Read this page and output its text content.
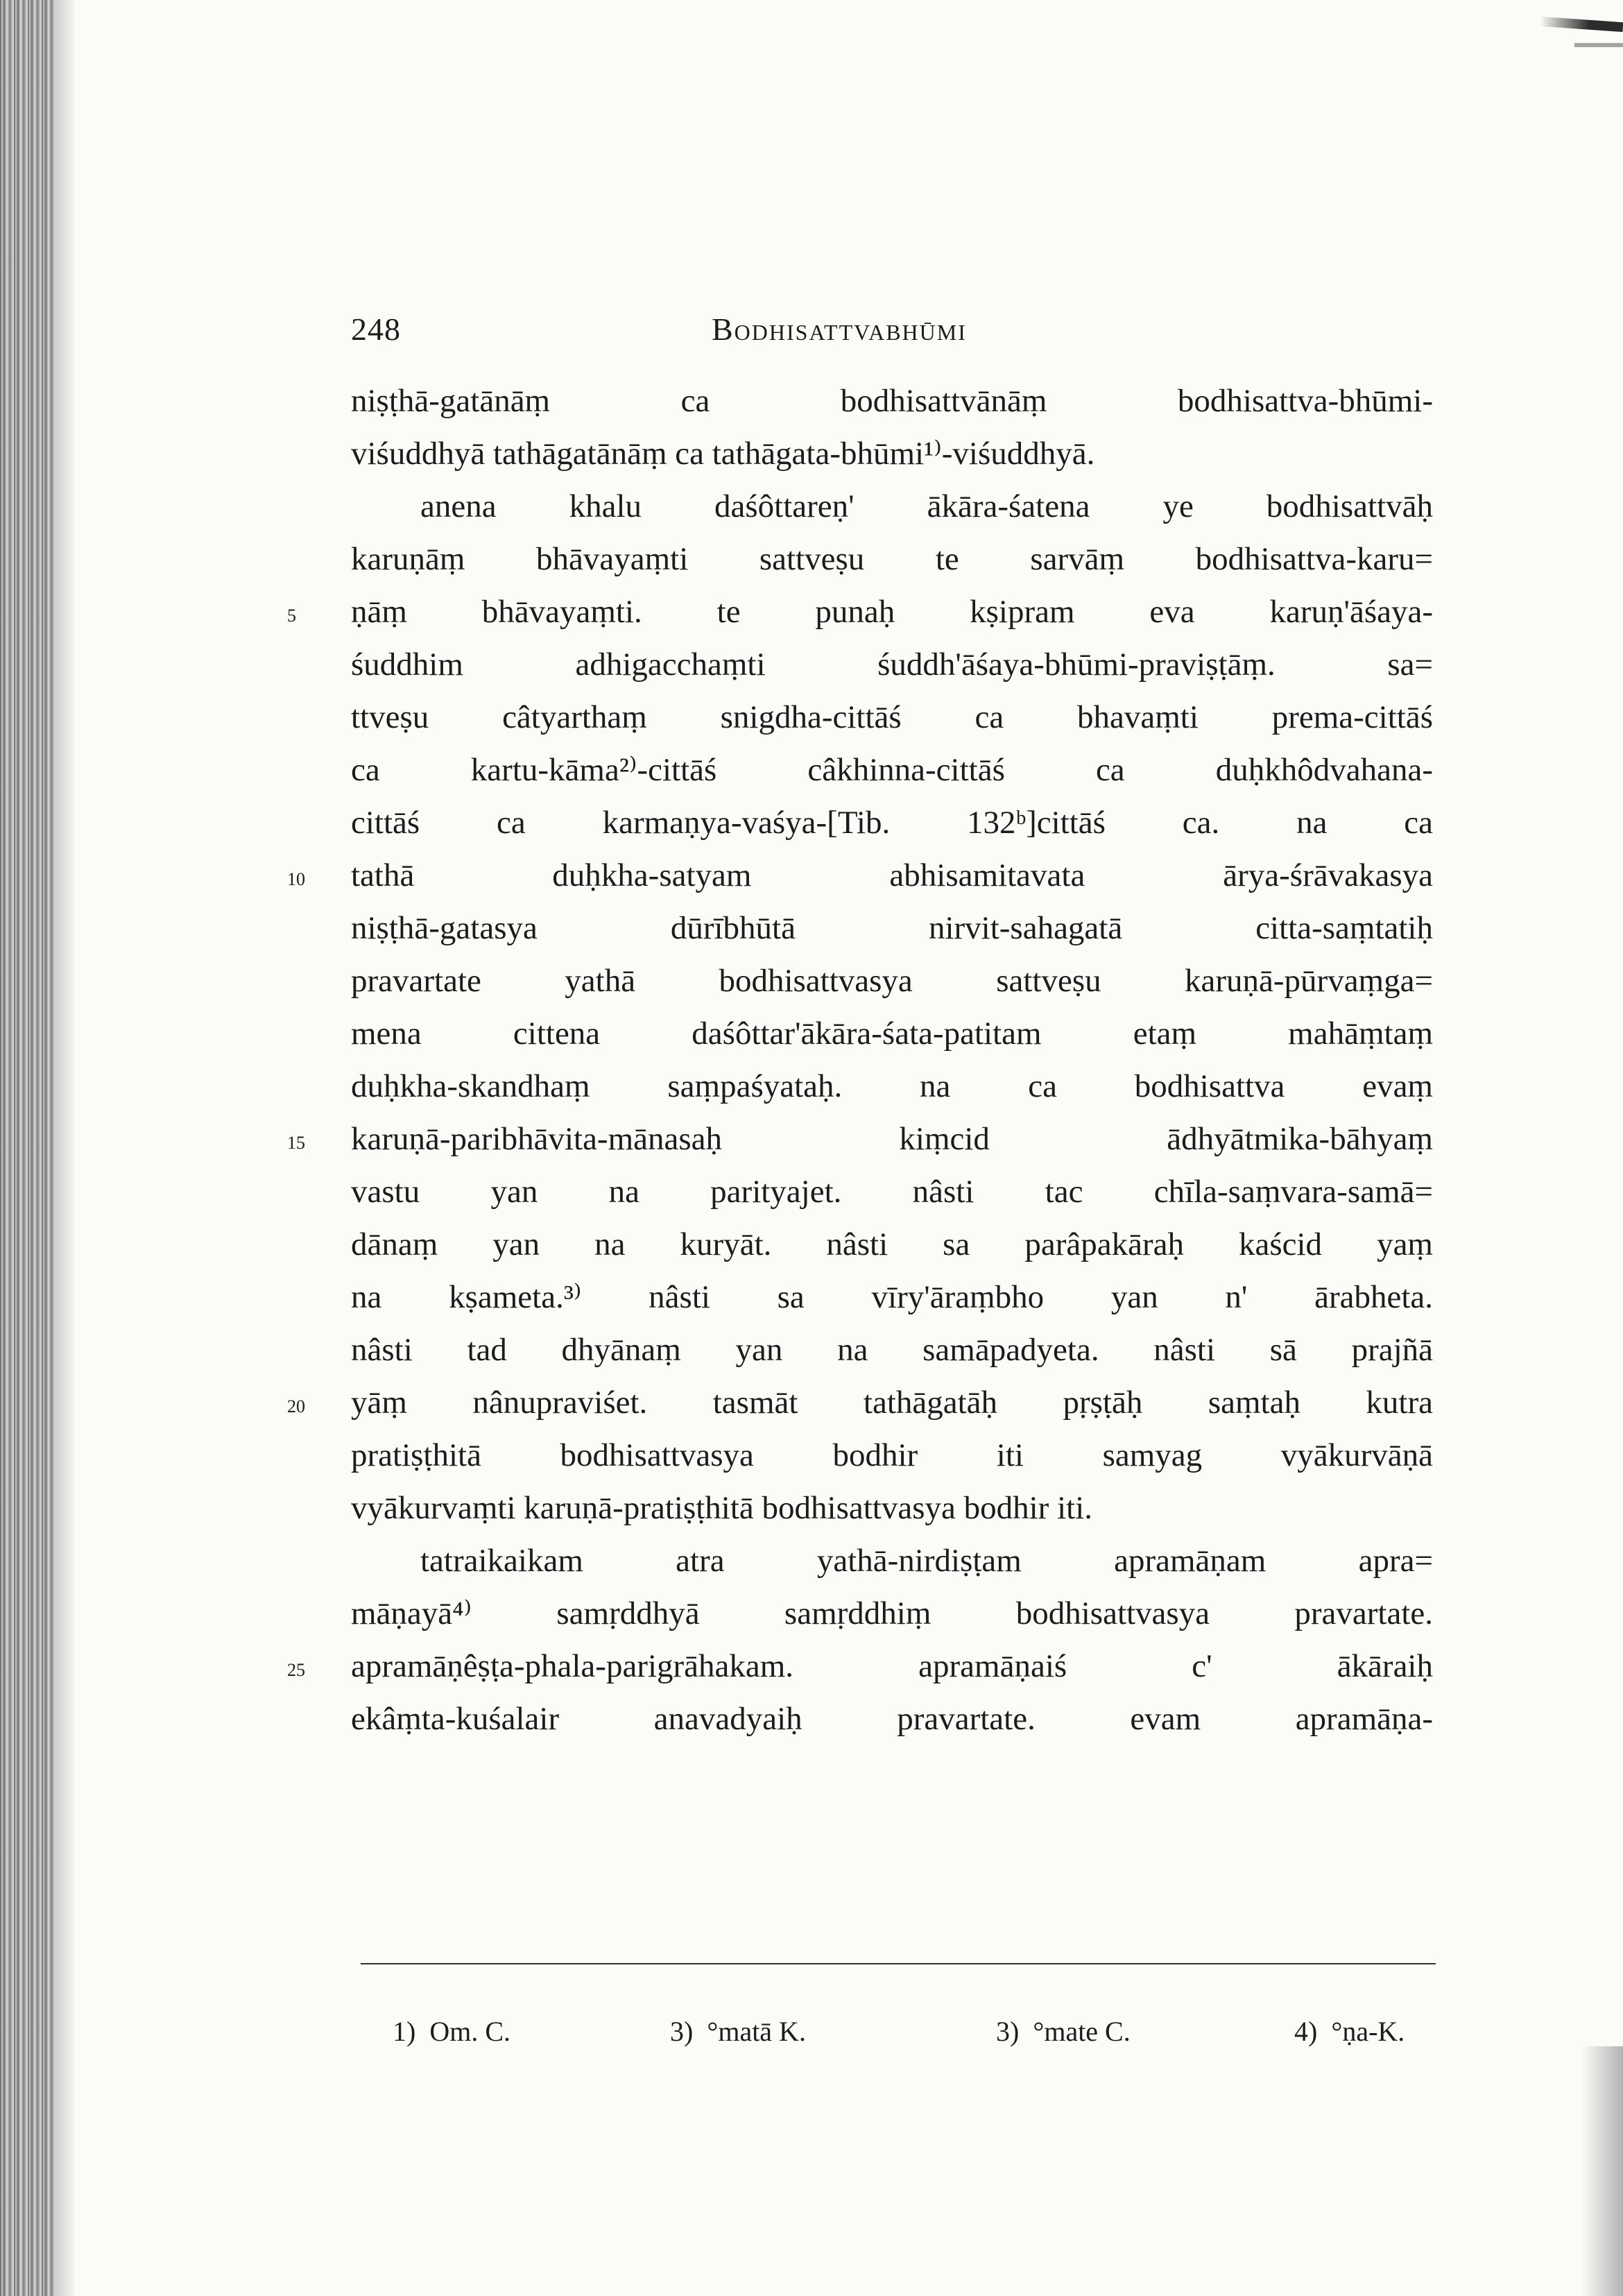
248	Bodhisattvabhūmi
niṣṭhā-gatānāṃ ca bodhisattvānāṃ bodhisattva-bhūmi-
viśuddhyā tathāgatānāṃ ca tathāgata-bhūmi¹⁾-viśuddhyā.
anena khalu daśôttareṇ' ākāra-śatena ye bodhisattvāḥ
karuṇāṃ bhāvayaṃti sattveṣu te sarvāṃ bodhisattva-karu=
5	ṇāṃ bhāvayaṃti. te punaḥ kṣipram eva karuṇ'āśaya-
śuddhim adhigacchaṃti śuddh'āśaya-bhūmi-praviṣṭāṃ. sa=
ttveṣu câtyarthaṃ snigdha-cittāś ca bhavaṃti prema-cittāś
ca kartu-kāma²⁾-cittāś câkhinna-cittāś ca duḥkhôdvahana-
cittāś ca karmaṇya-vaśya-[Tib. 132ᵇ]cittāś ca. na ca
10	tathā duḥkha-satyam abhisamitavata ārya-śrāvakasya
niṣṭhā-gatasya dūrībhūtā nirvit-sahagatā citta-saṃtatiḥ
pravartate yathā bodhisattvasya sattveṣu karuṇā-pūrvaṃga=
mena cittena daśôttar'ākāra-śata-patitam etaṃ mahāṃtaṃ
duḥkha-skandhaṃ saṃpaśyataḥ. na ca bodhisattva evaṃ
15	karuṇā-paribhāvita-mānasaḥ kiṃcid ādhyātmika-bāhyaṃ
vastu yan na parityajet. nâsti tac chīla-saṃvara-samā=
dānaṃ yan na kuryāt. nâsti sa parâpakāraḥ kaścid yaṃ
na kṣameta.³⁾ nâsti sa vīry'āraṃbho yan n' ārabheta.
nâsti tad dhyānaṃ yan na samāpadyeta. nâsti sā prajñā
20	yāṃ nânupraviśet. tasmāt tathāgatāḥ pṛṣṭāḥ saṃtaḥ kutra
pratiṣṭhitā bodhisattvasya bodhir iti samyag vyākurvāṇā
vyākurvaṃti karuṇā-pratiṣṭhitā bodhisattvasya bodhir iti.
tatraikaikam atra yathā-nirdiṣṭam apramāṇam apra=
māṇayā⁴⁾ samṛddhyā samṛddhiṃ bodhisattvasya pravartate.
25	apramāṇêṣṭa-phala-parigrāhakam. apramāṇaiś c' ākāraiḥ
ekâṃta-kuśalair anavadyaiḥ pravartate. evam apramāṇa-
1) Om. C.	3) °matā K.	3) °mate C.	4) °ṇa-K.
